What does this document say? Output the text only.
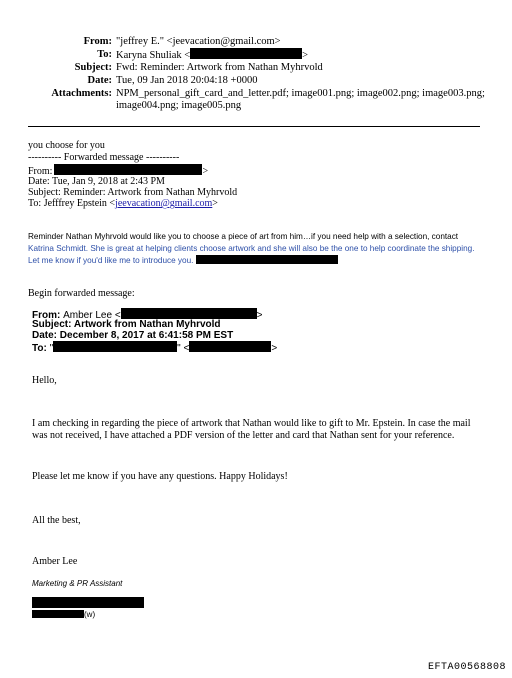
From: "jeffrey E." <jeevacation@gmail.com>
To: Karyna Shuliak <	>
Subject: Fwd: Reminder: Artwork from Nathan Myhrvold
Date: Tue, 09 Jan 2018 20:04:18 +0000
Attachments: NPM_personal_gift_card_and_letter.pdf; image001.png; image002.png; image003.png;
image004.png; image005.png
you choose for you
---------- Forwarded message ----------
From:	>
Date: Tue, Jan 9, 2018 at 2:43 PM
Subject: Reminder: Artwork from Nathan Myhrvold
To: Jefffrey Epstein <jeevacation@gmail.com>
Reminder Nathan Myhrvold would like you to choose a piece of art from him…if you need help with a selection, contact Katrina Schmidt. She is great at helping clients choose artwork and she will also be the one to help coordinate the shipping. Let me know if you'd like me to introduce you.
Begin forwarded message:
From: Amber Lee <	>
Subject: Artwork from Nathan Myhrvold
Date: December 8, 2017 at 6:41:58 PM EST
To: "	" <	>
Hello,
I am checking in regarding the piece of artwork that Nathan would like to gift to Mr. Epstein. In case the mail was not received, I have attached a PDF version of the letter and card that Nathan sent for your reference.
Please let me know if you have any questions. Happy Holidays!
All the best,
Amber Lee
Marketing & PR Assistant
(w)
EFTA00568808
